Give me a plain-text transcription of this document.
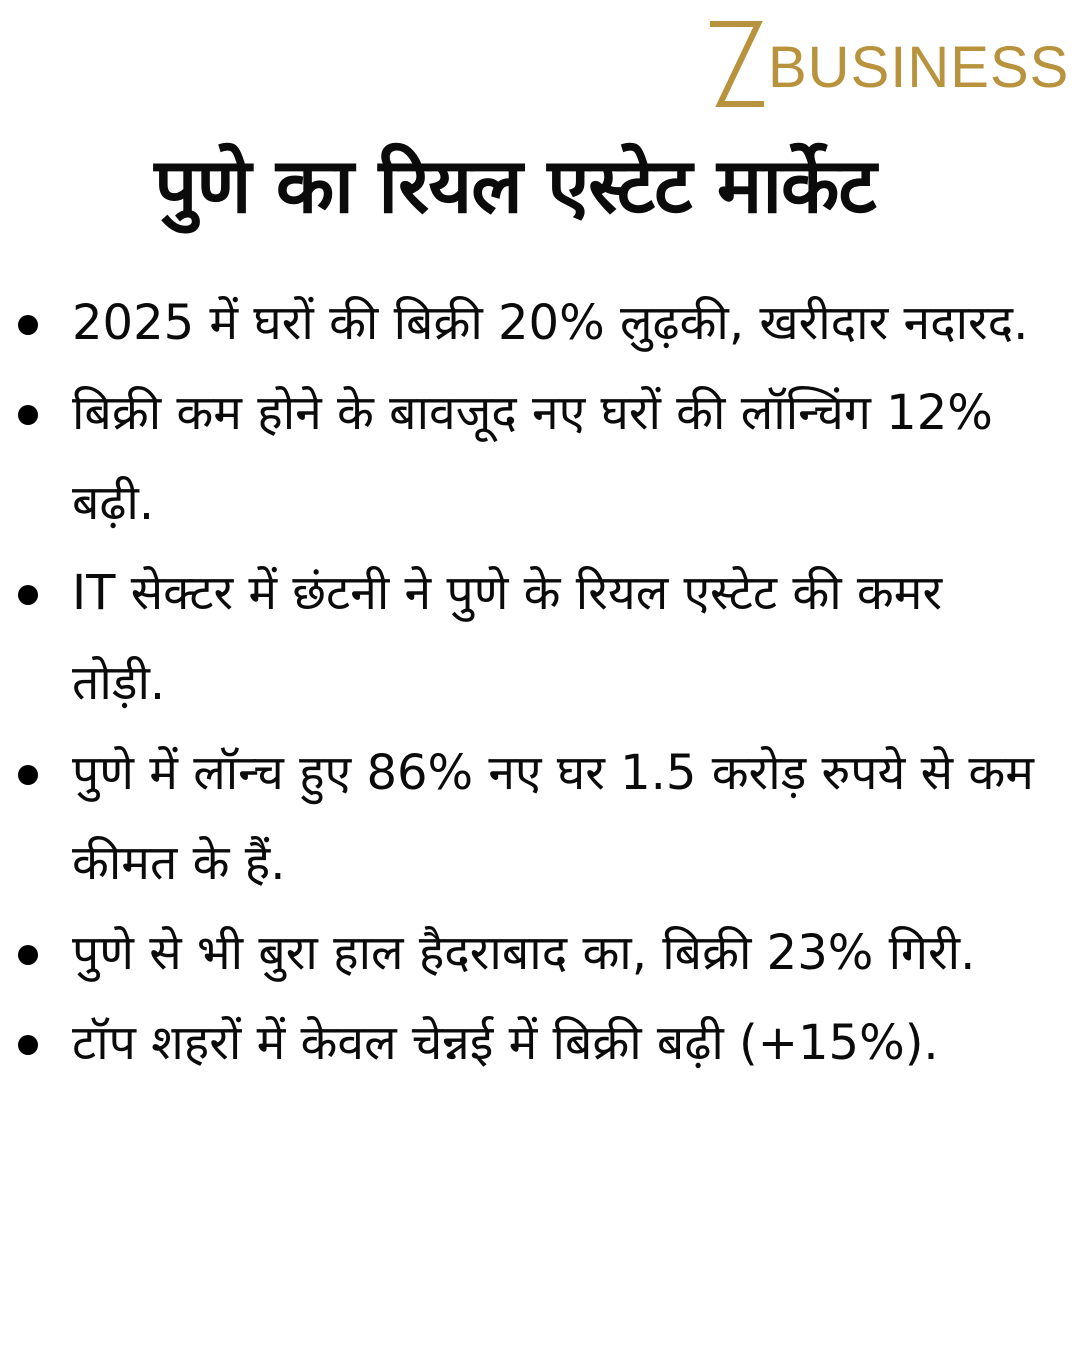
BUSINESS
पुणे का रियल एस्टेट मार्केट
2025 में घरों की बिक्री 20% लुढ़की, खरीदार नदारद.
बिक्री कम होने के बावजूद नए घरों की लॉन्चिंग 12% बढ़ी.
IT सेक्टर में छंटनी ने पुणे के रियल एस्टेट की कमर तोड़ी.
पुणे में लॉन्च हुए 86% नए घर 1.5 करोड़ रुपये से कम कीमत के हैं.
पुणे से भी बुरा हाल हैदराबाद का, बिक्री 23% गिरी.
टॉप शहरों में केवल चेन्नई में बिक्री बढ़ी (+15%).
